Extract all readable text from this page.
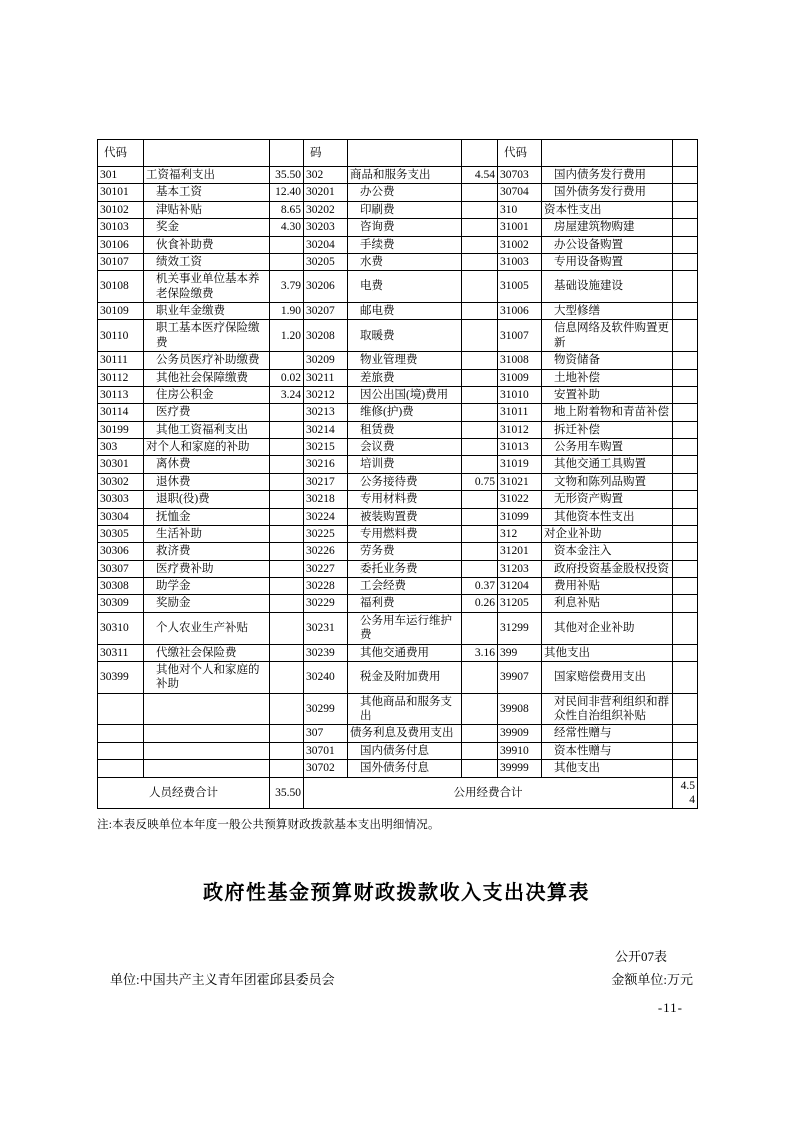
代码			码			代码		
301	工资福利支出	35.50	302	商品和服务支出	4.54	30703	国内债务发行费用	
30101	基本工资	12.40	30201	办公费		30704	国外债务发行费用	
30102	津贴补贴	8.65	30202	印刷费		310	资本性支出	
30103	奖金	4.30	30203	咨询费		31001	房屋建筑物购建	
30106	伙食补助费		30204	手续费		31002	办公设备购置	
30107	绩效工资		30205	水费		31003	专用设备购置	
30108	机关事业单位基本养老保险缴费	3.79	30206	电费		31005	基础设施建设	
30109	职业年金缴费	1.90	30207	邮电费		31006	大型修缮	
30110	职工基本医疗保险缴费	1.20	30208	取暖费		31007	信息网络及软件购置更新	
30111	公务员医疗补助缴费		30209	物业管理费		31008	物资储备	
30112	其他社会保障缴费	0.02	30211	差旅费		31009	土地补偿	
30113	住房公积金	3.24	30212	因公出国(境)费用		31010	安置补助	
30114	医疗费		30213	维修(护)费		31011	地上附着物和青苗补偿	
30199	其他工资福利支出		30214	租赁费		31012	拆迁补偿	
303	对个人和家庭的补助		30215	会议费		31013	公务用车购置	
30301	离休费		30216	培训费		31019	其他交通工具购置	
30302	退休费		30217	公务接待费	0.75	31021	文物和陈列品购置	
30303	退职(役)费		30218	专用材料费		31022	无形资产购置	
30304	抚恤金		30224	被装购置费		31099	其他资本性支出	
30305	生活补助		30225	专用燃料费		312	对企业补助	
30306	救济费		30226	劳务费		31201	资本金注入	
30307	医疗费补助		30227	委托业务费		31203	政府投资基金股权投资	
30308	助学金		30228	工会经费	0.37	31204	费用补贴	
30309	奖励金		30229	福利费	0.26	31205	利息补贴	
30310	个人农业生产补贴		30231	公务用车运行维护费		31299	其他对企业补助	
30311	代缴社会保险费		30239	其他交通费用	3.16	399	其他支出	
30399	其他对个人和家庭的补助		30240	税金及附加费用		39907	国家赔偿费用支出	
			30299	其他商品和服务支出		39908	对民间非营利组织和群众性自治组织补贴	
			307	债务利息及费用支出		39909	经常性赠与	
			30701	国内债务付息		39910	资本性赠与	
			30702	国外债务付息		39999	其他支出	
人员经费合计		35.50	公用经费合计					4.54
注:本表反映单位本年度一般公共预算财政拨款基本支出明细情况。
政府性基金预算财政拨款收入支出决算表
公开07表
单位:中国共产主义青年团霍邱县委员会	金额单位:万元
-11-
